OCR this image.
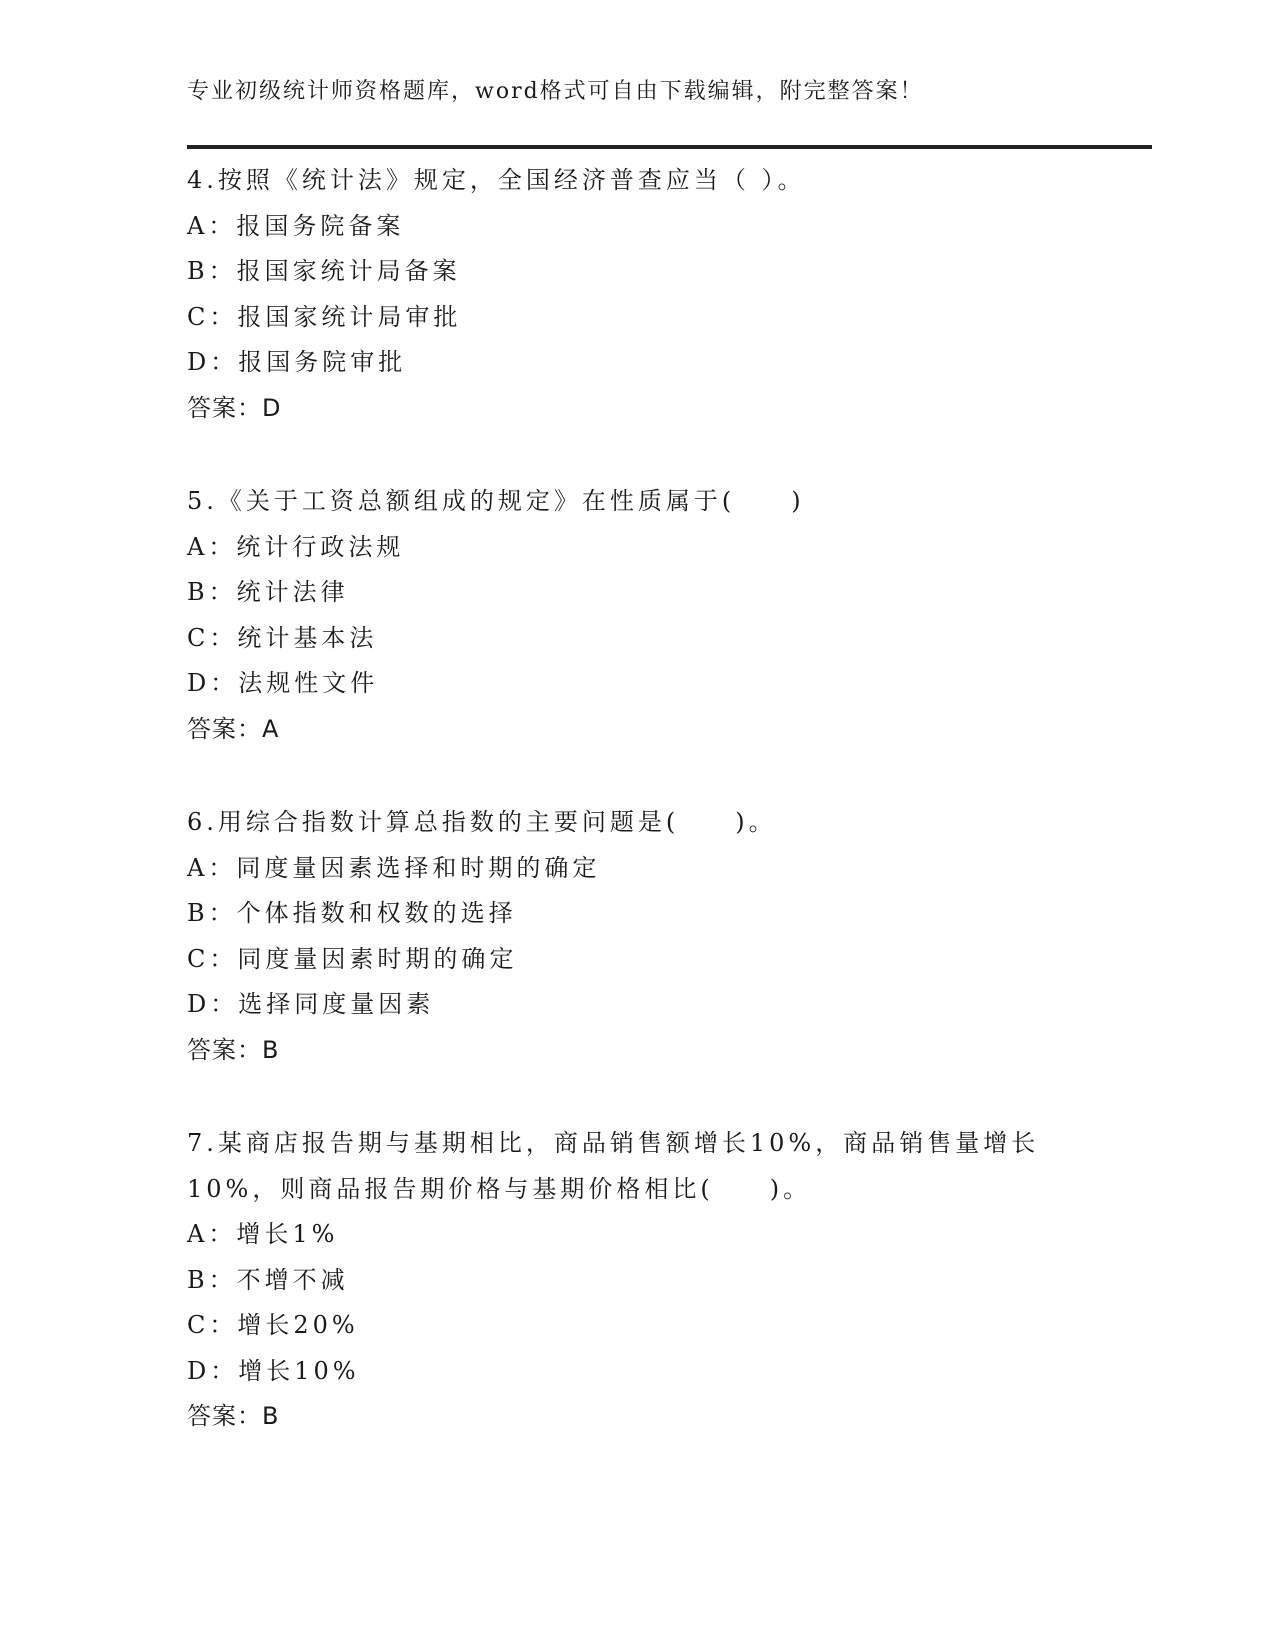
专业初级统计师资格题库，word格式可自由下载编辑，附完整答案！
4.按照《统计法》规定，全国经济普查应当（ ）。
A：报国务院备案
B：报国家统计局备案
C：报国家统计局审批
D：报国务院审批
答案：D
5.《关于工资总额组成的规定》在性质属于(　　)
A：统计行政法规
B：统计法律
C：统计基本法
D：法规性文件
答案：A
6.用综合指数计算总指数的主要问题是(　　)。
A：同度量因素选择和时期的确定
B：个体指数和权数的选择
C：同度量因素时期的确定
D：选择同度量因素
答案：B
7.某商店报告期与基期相比，商品销售额增长10%，商品销售量增长
10%，则商品报告期价格与基期价格相比(　　)。
A：增长1%
B：不增不减
C：增长20%
D：增长10%
答案：B
